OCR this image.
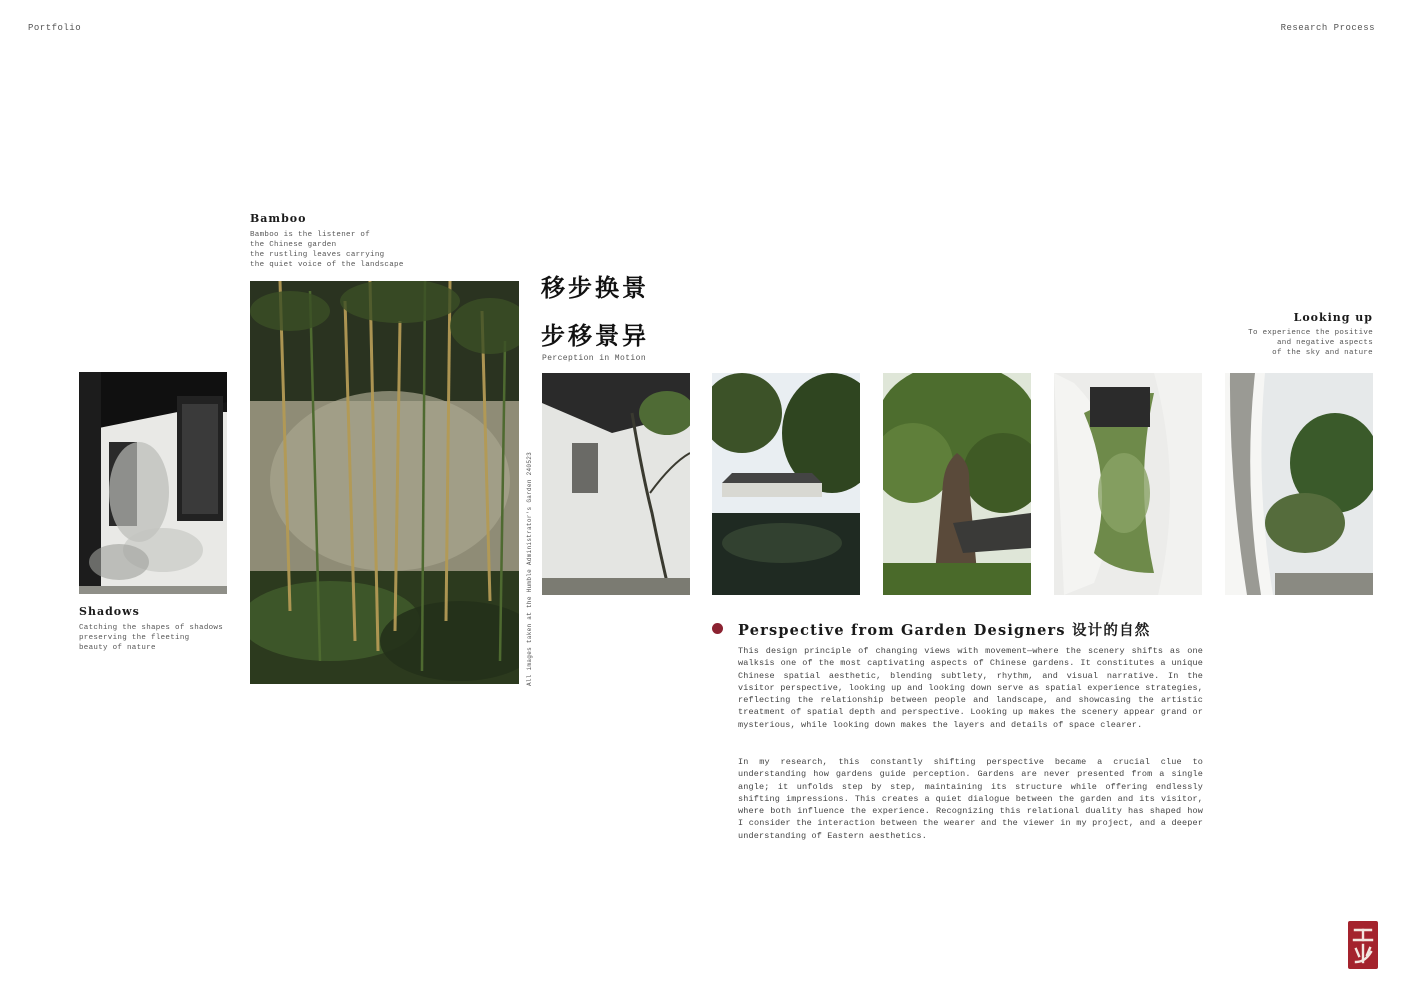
Portfolio	Research Process
Bamboo
Bamboo is the listener of
the Chinese garden
the rustling leaves carrying
the quiet voice of the landscape
Shadows
Catching the shapes of shadows
preserving the fleeting
beauty of nature	All images taken at the Humble Administrator's Garden 240523
移步换景
步移景异
Perception in Motion
Looking up
To experience the positive
and negative aspects
of the sky and nature
Perspective from Garden Designers 设计的自然

This design principle of changing views with movement—where the scenery shifts as one walksis one of the most captivating aspects of Chinese gardens. It constitutes a unique Chinese spatial aesthetic, blending subtlety, rhythm, and visual narrative. In the visitor perspective, looking up and looking down serve as spatial experience strategies, reflecting the relationship between people and landscape, and showcasing the artistic treatment of spatial depth and perspective. Looking up makes the scenery appear grand or mysterious, while looking down makes the layers and details of space clearer.

In my research, this constantly shifting perspective became a crucial clue to understanding how gardens guide perception. Gardens are never presented from a single angle; it unfolds step by step, maintaining its structure while offering endlessly shifting impressions. This creates a quiet dialogue between the garden and its visitor, where both influence the experience. Recognizing this relational duality has shaped how I consider the interaction between the wearer and the viewer in my project, and a deeper understanding of Eastern aesthetics.
